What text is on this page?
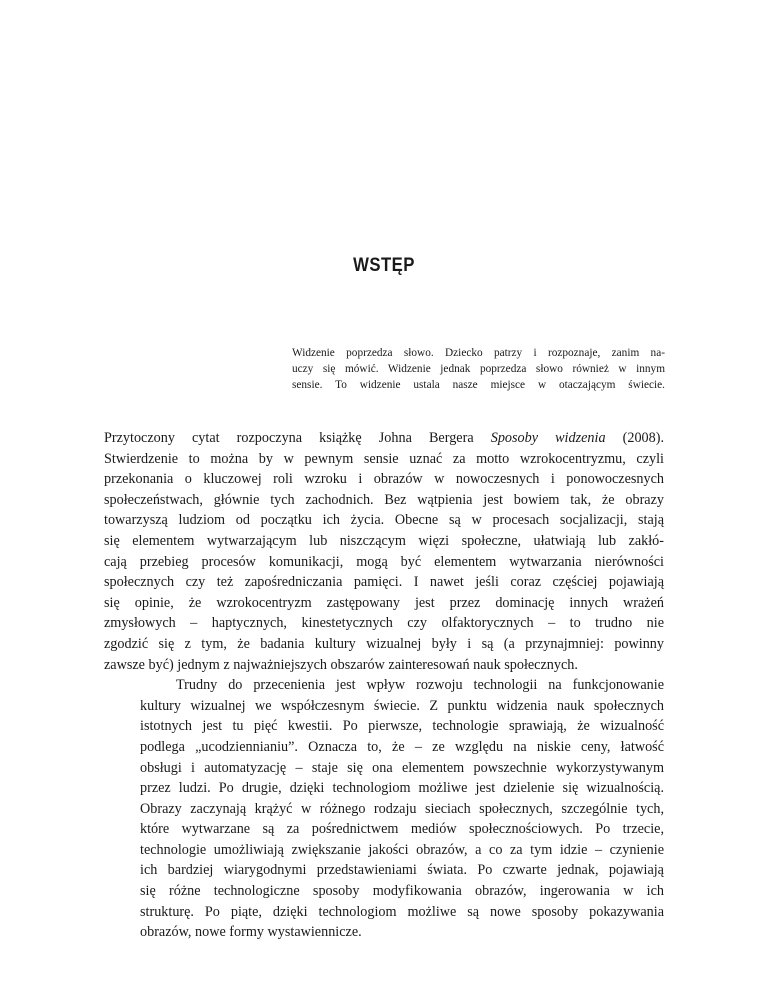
WSTĘP
Widzenie poprzedza słowo. Dziecko patrzy i rozpoznaje, zanim na-
uczy się mówić. Widzenie jednak poprzedza słowo również w innym
sensie. To widzenie ustala nasze miejsce w otaczającym świecie.

Przytoczony cytat rozpoczyna książkę Johna Bergera Sposoby widzenia (2008).
Stwierdzenie to można by w pewnym sensie uznać za motto wzrokocentryzmu, czyli
przekonania o kluczowej roli wzroku i obrazów w nowoczesnych i ponowoczesnych
społeczeństwach, głównie tych zachodnich. Bez wątpienia jest bowiem tak, że obrazy
towarzyszą ludziom od początku ich życia. Obecne są w procesach socjalizacji, stają
się elementem wytwarzającym lub niszczącym więzi społeczne, ułatwiają lub zakłó-
cają przebieg procesów komunikacji, mogą być elementem wytwarzania nierówności
społecznych czy też zapośredniczania pamięci. I nawet jeśli coraz częściej pojawiają
się opinie, że wzrokocentryzm zastępowany jest przez dominację innych wrażeń
zmysłowych – haptycznych, kinestetycznych czy olfaktorycznych – to trudno nie
zgodzić się z tym, że badania kultury wizualnej były i są (a przynajmniej: powinny
zawsze być) jednym z najważniejszych obszarów zainteresowań nauk społecznych.

Trudny do przecenienia jest wpływ rozwoju technologii na funkcjonowanie
kultury wizualnej we współczesnym świecie. Z punktu widzenia nauk społecznych
istotnych jest tu pięć kwestii. Po pierwsze, technologie sprawiają, że wizualność
podlega „ucodziennianiu”. Oznacza to, że – ze względu na niskie ceny, łatwość
obsługi i automatyzację – staje się ona elementem powszechnie wykorzystywanym
przez ludzi. Po drugie, dzięki technologiom możliwe jest dzielenie się wizualnością.
Obrazy zaczynają krążyć w różnego rodzaju sieciach społecznych, szczególnie tych,
które wytwarzane są za pośrednictwem mediów społecznościowych. Po trzecie,
technologie umożliwiają zwiększanie jakości obrazów, a co za tym idzie – czynienie
ich bardziej wiarygodnymi przedstawieniami świata. Po czwarte jednak, pojawiają
się różne technologiczne sposoby modyfikowania obrazów, ingerowania w ich
strukturę. Po piąte, dzięki technologiom możliwe są nowe sposoby pokazywania
obrazów, nowe formy wystawiennicze.
